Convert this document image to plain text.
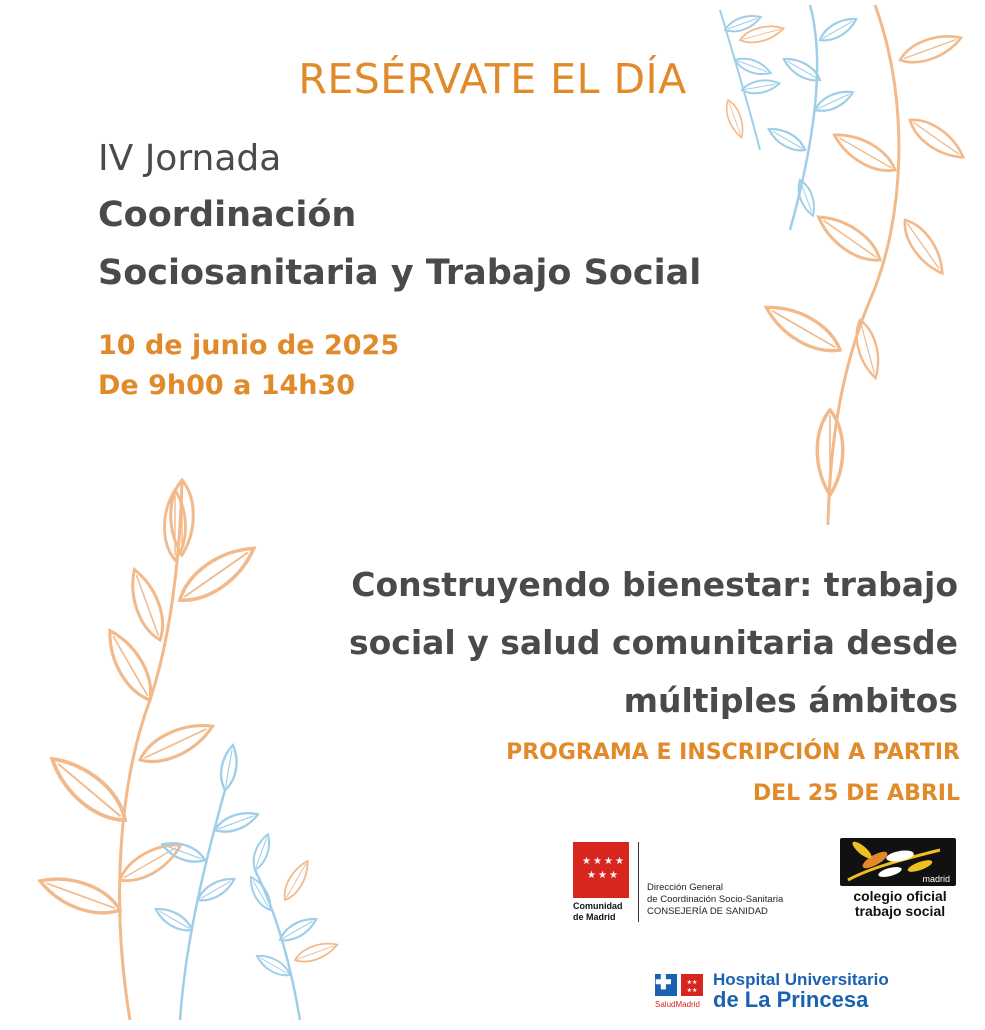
RESÉRVATE EL DÍA
IV Jornada
Coordinación
Sociosanitaria y Trabajo Social
10 de junio de 2025
De 9h00 a 14h30
Construyendo bienestar: trabajo
social y salud comunitaria desde
múltiples ámbitos
PROGRAMA E INSCRIPCIÓN A PARTIR
DEL 25 DE ABRIL
★ ★ ★ ★
★ ★ ★
Comunidad
de Madrid
Dirección General
de Coordinación Socio-Sanitaria
CONSEJERÍA DE SANIDAD
madrid
colegio oficial
trabajo social
★★
★★
SaludMadrid
Hospital Universitario
de La Princesa
